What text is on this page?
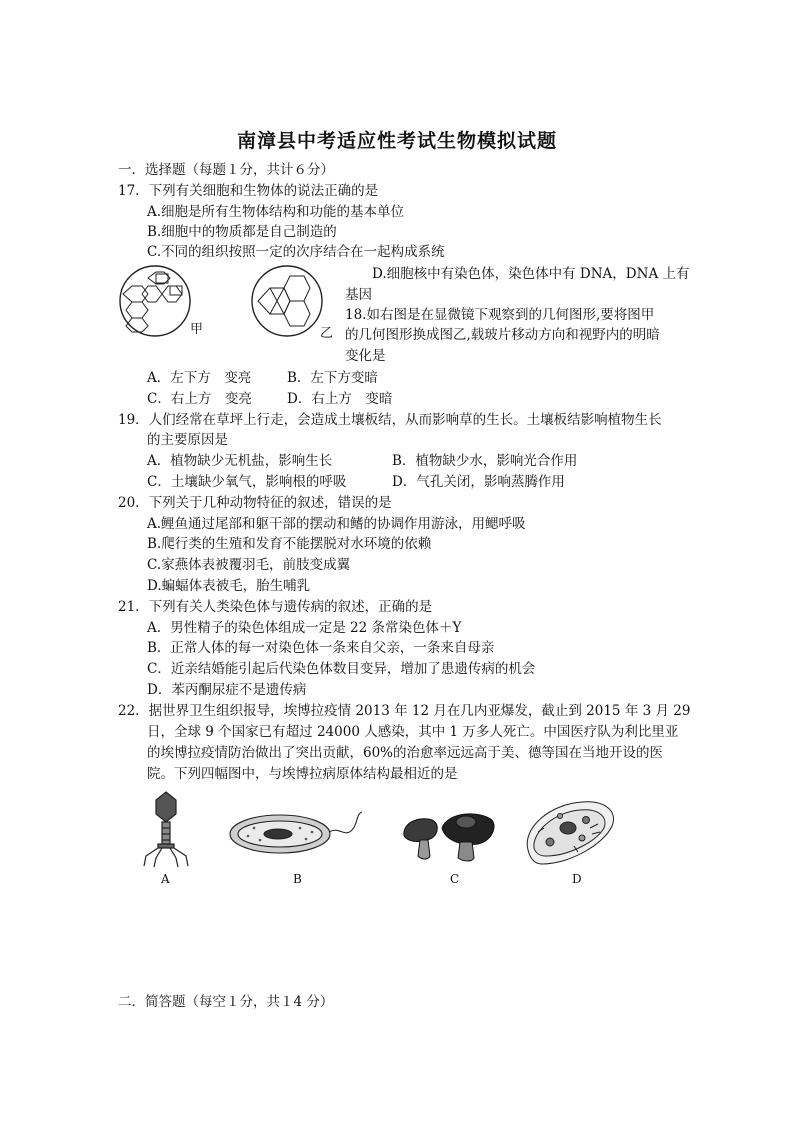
南漳县中考适应性考试生物模拟试题
一．选择题（每题１分，共计６分）
17．下列有关细胞和生物体的说法正确的是
A.细胞是所有生物体结构和功能的基本单位
B.细胞中的物质都是自己制造的
C.不同的组织按照一定的次序结合在一起构成系统
D.细胞核中有染色体，染色体中有 DNA，DNA 上有
基因
甲	乙
18.如右图是在显微镜下观察到的几何图形,要将图甲
的几何图形换成图乙,载玻片移动方向和视野内的明暗
变化是
A．左下方　变亮	B．左下方变暗
C．右上方　变亮	D．右上方　变暗
19．人们经常在草坪上行走，会造成土壤板结，从而影响草的生长。土壤板结影响植物生长
的主要原因是
A．植物缺少无机盐，影响生长	B．植物缺少水，影响光合作用
C．土壤缺少氧气，影响根的呼吸	D．气孔关闭，影响蒸腾作用
20．下列关于几种动物特征的叙述，错误的是
A.鲤鱼通过尾部和躯干部的摆动和鳍的协调作用游泳，用鳃呼吸
B.爬行类的生殖和发育不能摆脱对水环境的依赖
C.家燕体表被覆羽毛，前肢变成翼
D.蝙蝠体表被毛，胎生哺乳
21．下列有关人类染色体与遗传病的叙述，正确的是
A．男性精子的染色体组成一定是 22 条常染色体＋Y
B．正常人体的每一对染色体一条来自父亲，一条来自母亲
C．近亲结婚能引起后代染色体数目变异，增加了患遗传病的机会
D．苯丙酮尿症不是遗传病
22．据世界卫生组织报导，埃博拉疫情 2013 年 12 月在几内亚爆发，截止到 2015 年 3 月 29
日，全球 9 个国家已有超过 24000 人感染，其中 1 万多人死亡。中国医疗队为利比里亚
的埃博拉疫情防治做出了突出贡献，60%的治愈率远远高于美、德等国在当地开设的医
院。下列四幅图中，与埃博拉病原体结构最相近的是
A	B	C	D
二．简答题（每空１分，共１4 分）
